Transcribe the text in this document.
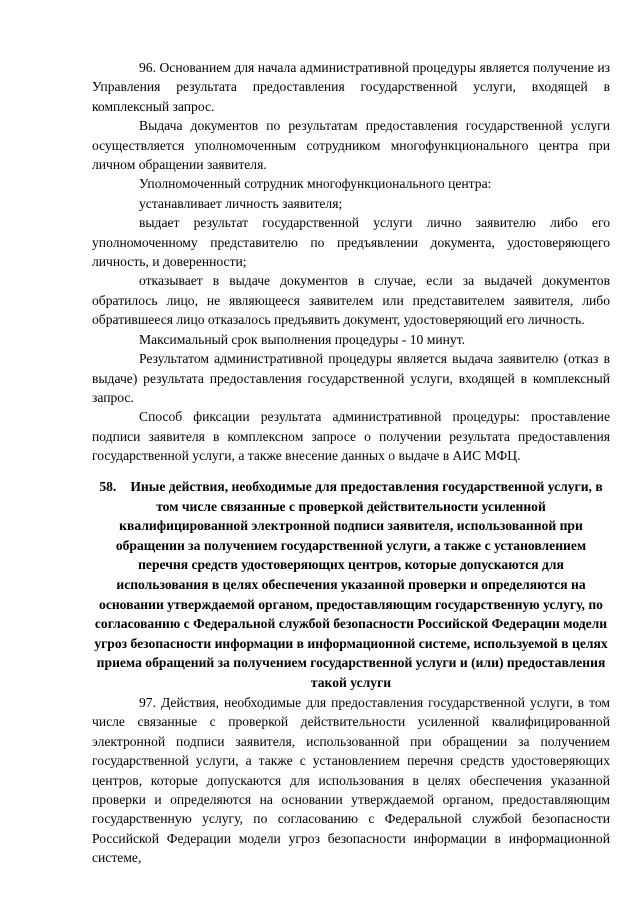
96. Основанием для начала административной процедуры является получение из Управления результата предоставления государственной услуги, входящей в комплексный запрос.

Выдача документов по результатам предоставления государственной услуги осуществляется уполномоченным сотрудником многофункционального центра при личном обращении заявителя.

Уполномоченный сотрудник многофункционального центра:

устанавливает личность заявителя;

выдает результат государственной услуги лично заявителю либо его уполномоченному представителю по предъявлении документа, удостоверяющего личность, и доверенности;

отказывает в выдаче документов в случае, если за выдачей документов обратилось лицо, не являющееся заявителем или представителем заявителя, либо обратившееся лицо отказалось предъявить документ, удостоверяющий его личность.

Максимальный срок выполнения процедуры - 10 минут.

Результатом административной процедуры является выдача заявителю (отказ в выдаче) результата предоставления государственной услуги, входящей в комплексный запрос.

Способ фиксации результата административной процедуры: проставление подписи заявителя в комплексном запросе о получении результата предоставления государственной услуги, а также внесение данных о выдаче в АИС МФЦ.

58. Иные действия, необходимые для предоставления государственной услуги, в том числе связанные с проверкой действительности усиленной квалифицированной электронной подписи заявителя, использованной при обращении за получением государственной услуги, а также с установлением перечня средств удостоверяющих центров, которые допускаются для использования в целях обеспечения указанной проверки и определяются на основании утверждаемой органом, предоставляющим государственную услугу, по согласованию с Федеральной службой безопасности Российской Федерации модели угроз безопасности информации в информационной системе, используемой в целях приема обращений за получением государственной услуги и (или) предоставления такой услуги

97. Действия, необходимые для предоставления государственной услуги, в том числе связанные с проверкой действительности усиленной квалифицированной электронной подписи заявителя, использованной при обращении за получением государственной услуги, а также с установлением перечня средств удостоверяющих центров, которые допускаются для использования в целях обеспечения указанной проверки и определяются на основании утверждаемой органом, предоставляющим государственную услугу, по согласованию с Федеральной службой безопасности Российской Федерации модели угроз безопасности информации в информационной системе,
